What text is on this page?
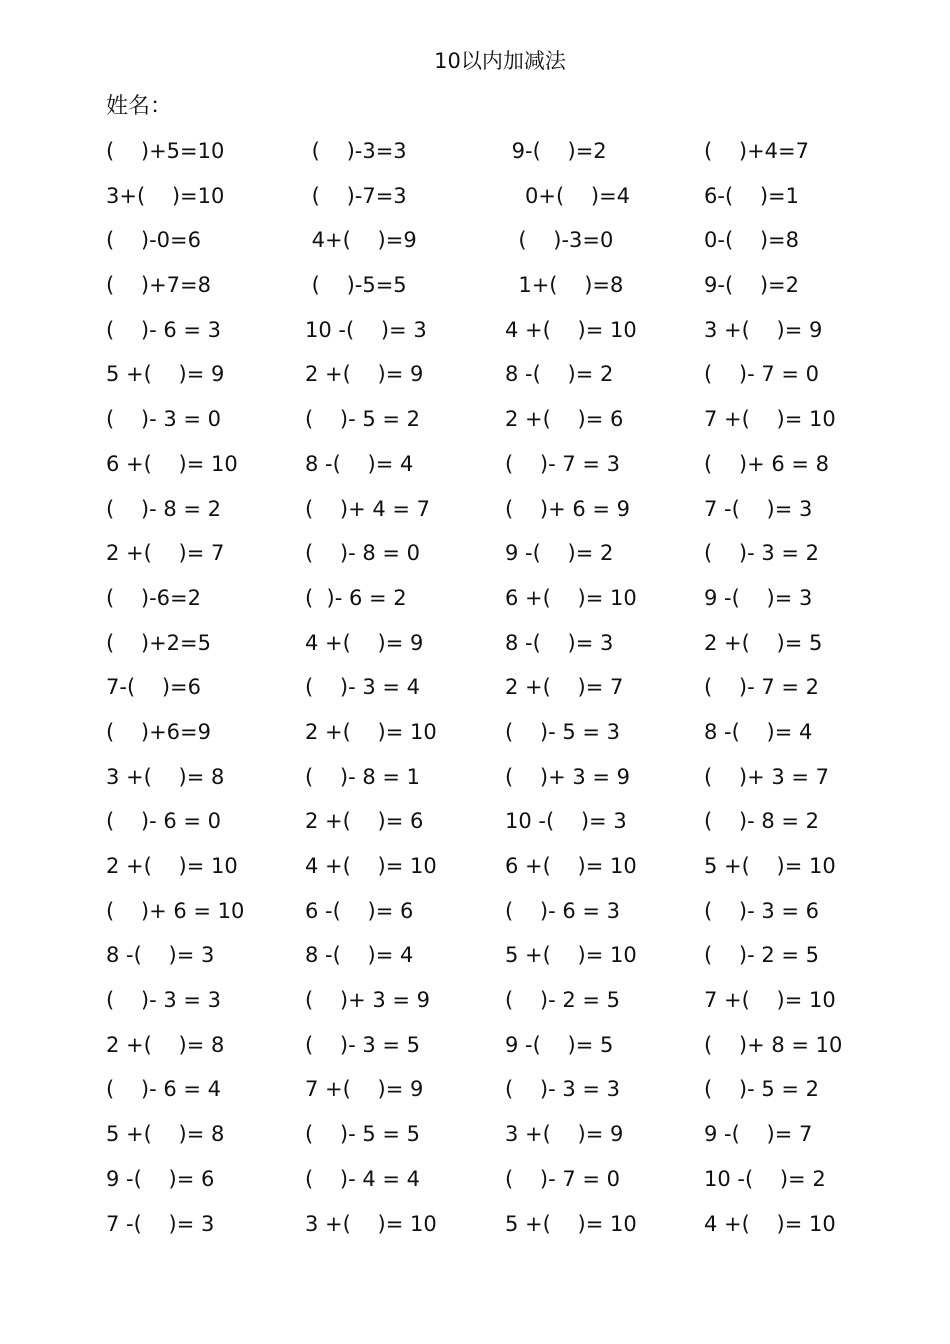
10以内加减法
姓名：
(    )+5=10	(    )-3=3	9-(    )=2	(    )+4=7
3+(    )=10	(    )-7=3	0+(    )=4	6-(    )=1
(    )-0=6	4+(    )=9	(    )-3=0	0-(    )=8
(    )+7=8	(    )-5=5	1+(    )=8	9-(    )=2
(    )- 6 = 3	10 -(    )= 3	4 +(    )= 10	3 +(    )= 9
5 +(    )= 9	2 +(    )= 9	8 -(    )= 2	(    )- 7 = 0
(    )- 3 = 0	(    )- 5 = 2	2 +(    )= 6	7 +(    )= 10
6 +(    )= 10	8 -(    )= 4	(    )- 7 = 3	(    )+ 6 = 8
(    )- 8 = 2	(    )+ 4 = 7	(    )+ 6 = 9	7 -(    )= 3
2 +(    )= 7	(    )- 8 = 0	9 -(    )= 2	(    )- 3 = 2
(    )-6=2	(  )- 6 = 2	6 +(    )= 10	9 -(    )= 3
(    )+2=5	4 +(    )= 9	8 -(    )= 3	2 +(    )= 5
7-(    )=6	(    )- 3 = 4	2 +(    )= 7	(    )- 7 = 2
(    )+6=9	2 +(    )= 10	(    )- 5 = 3	8 -(    )= 4
3 +(    )= 8	(    )- 8 = 1	(    )+ 3 = 9	(    )+ 3 = 7
(    )- 6 = 0	2 +(    )= 6	10 -(    )= 3	(    )- 8 = 2
2 +(    )= 10	4 +(    )= 10	6 +(    )= 10	5 +(    )= 10
(    )+ 6 = 10	6 -(    )= 6	(    )- 6 = 3	(    )- 3 = 6
8 -(    )= 3	8 -(    )= 4	5 +(    )= 10	(    )- 2 = 5
(    )- 3 = 3	(    )+ 3 = 9	(    )- 2 = 5	7 +(    )= 10
2 +(    )= 8	(    )- 3 = 5	9 -(    )= 5	(    )+ 8 = 10
(    )- 6 = 4	7 +(    )= 9	(    )- 3 = 3	(    )- 5 = 2
5 +(    )= 8	(    )- 5 = 5	3 +(    )= 9	9 -(    )= 7
9 -(    )= 6	(    )- 4 = 4	(    )- 7 = 0	10 -(    )= 2
7 -(    )= 3	3 +(    )= 10	5 +(    )= 10	4 +(    )= 10
